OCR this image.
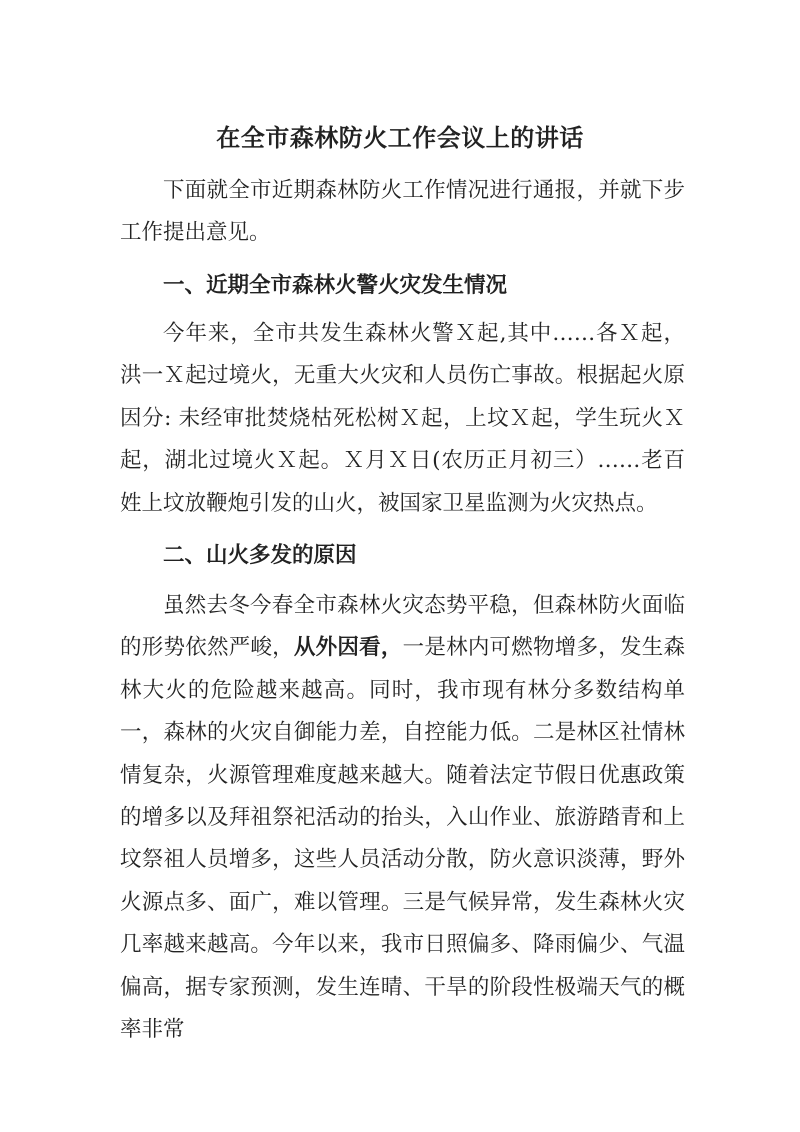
在全市森林防火工作会议上的讲话

下面就全市近期森林防火工作情况进行通报，并就下步工作提出意见。

一、近期全市森林火警火灾发生情况

今年来，全市共发生森林火警Ｘ起,其中……各Ｘ起，洪一Ｘ起过境火，无重大火灾和人员伤亡事故。根据起火原因分: 未经审批焚烧枯死松树Ｘ起，上坟Ｘ起，学生玩火Ｘ起，湖北过境火Ｘ起。Ｘ月Ｘ日(农历正月初三）……老百姓上坟放鞭炮引发的山火，被国家卫星监测为火灾热点。

二、山火多发的原因

虽然去冬今春全市森林火灾态势平稳，但森林防火面临的形势依然严峻，从外因看，一是林内可燃物增多，发生森林大火的危险越来越高。同时，我市现有林分多数结构单一，森林的火灾自御能力差，自控能力低。二是林区社情林情复杂，火源管理难度越来越大。随着法定节假日优惠政策的增多以及拜祖祭祀活动的抬头，入山作业、旅游踏青和上坟祭祖人员增多，这些人员活动分散，防火意识淡薄，野外火源点多、面广，难以管理。三是气候异常，发生森林火灾几率越来越高。今年以来，我市日照偏多、降雨偏少、气温偏高，据专家预测，发生连晴、干旱的阶段性极端天气的概率非常
